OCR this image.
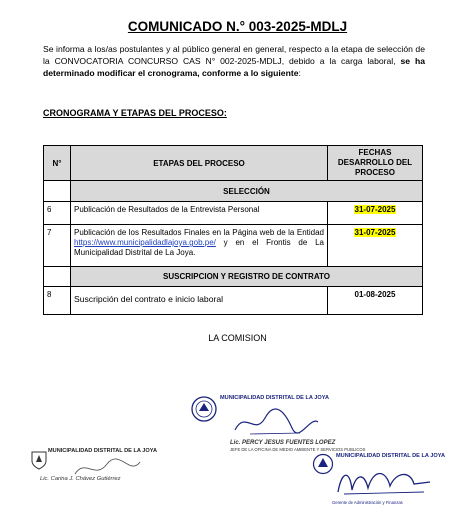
COMUNICADO N.° 003-2025-MDLJ
Se informa a los/as postulantes y al público general en general, respecto a la etapa de selección de la CONVOCATORIA CONCURSO CAS N° 002-2025-MDLJ, debido a la carga laboral, se ha determinado modificar el cronograma, conforme a lo siguiente:
CRONOGRAMA Y ETAPAS DEL PROCESO:
N°	ETAPAS DEL PROCESO	FECHAS DESARROLLO DEL PROCESO
	SELECCIÓN	
6	Publicación de Resultados de la Entrevista Personal	31-07-2025
7	Publicación de los Resultados Finales en la Página web de la Entidad https://www.municipalidadlajoya.gob.pe/ y en el Frontis de La Municipalidad Distrital de La Joya.	31-07-2025
	SUSCRIPCION Y REGISTRO DE CONTRATO	
8	Suscripción del contrato e inicio laboral	01-08-2025
LA COMISION
MUNICIPALIDAD DISTRITAL DE LA JOYA
Lic. PERCY JESUS FUENTES LOPEZ
JEFE DE LA OFICINA DE MEDIO AMBIENTE Y SERVICIOS PUBLICOS
MUNICIPALIDAD DISTRITAL DE LA JOYA
Lic. Carina J. Chávez Gutiérrez
MUNICIPALIDAD DISTRITAL DE LA JOYA
Gerente de Administración y Finanzas
